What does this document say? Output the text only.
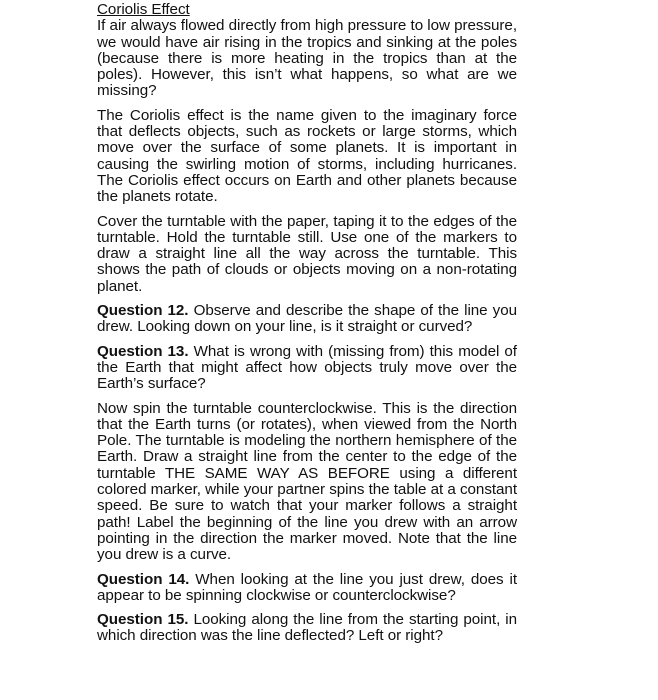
Coriolis Effect

If air always flowed directly from high pressure to low pressure, we would have air rising in the tropics and sinking at the poles (because there is more heating in the tropics than at the poles). However, this isn’t what happens, so what are we missing?

The Coriolis effect is the name given to the imaginary force that deflects objects, such as rockets or large storms, which move over the surface of some planets. It is important in causing the swirling motion of storms, including hurricanes. The Coriolis effect occurs on Earth and other planets because the planets rotate.

Cover the turntable with the paper, taping it to the edges of the turntable. Hold the turntable still. Use one of the markers to draw a straight line all the way across the turntable. This shows the path of clouds or objects moving on a non-rotating planet.

Question 12. Observe and describe the shape of the line you drew. Looking down on your line, is it straight or curved?

Question 13. What is wrong with (missing from) this model of the Earth that might affect how objects truly move over the Earth’s surface?

Now spin the turntable counterclockwise. This is the direction that the Earth turns (or rotates), when viewed from the North Pole. The turntable is modeling the northern hemisphere of the Earth. Draw a straight line from the center to the edge of the turntable THE SAME WAY AS BEFORE using a different colored marker, while your partner spins the table at a constant speed. Be sure to watch that your marker follows a straight path! Label the beginning of the line you drew with an arrow pointing in the direction the marker moved. Note that the line you drew is a curve.

Question 14. When looking at the line you just drew, does it appear to be spinning clockwise or counterclockwise?

Question 15. Looking along the line from the starting point, in which direction was the line deflected? Left or right?
